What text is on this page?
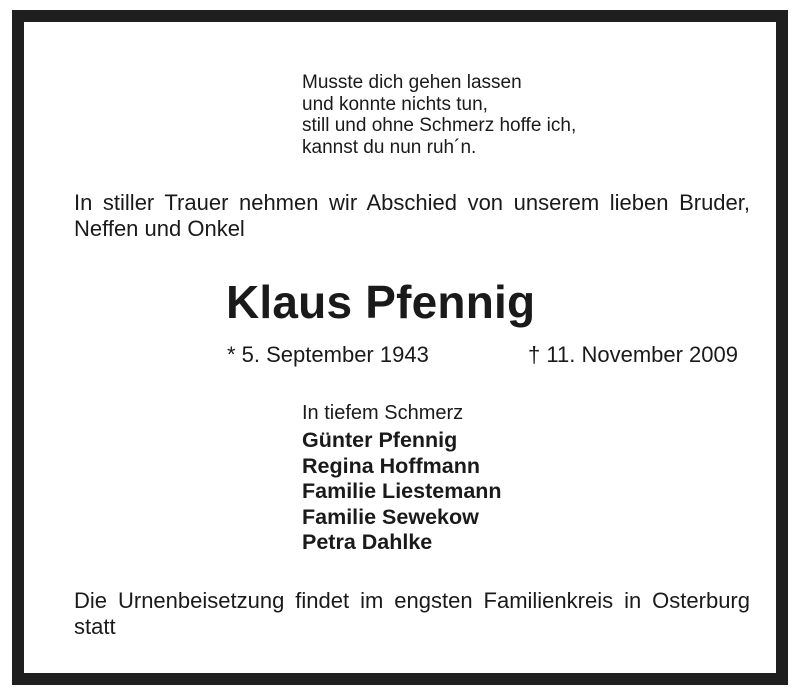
Musste dich gehen lassen
und konnte nichts tun,
still und ohne Schmerz hoffe ich,
kannst du nun ruh´n.
In stiller Trauer nehmen wir Abschied von unserem lieben Bruder, Neffen und Onkel
Klaus Pfennig
* 5. September 1943	† 11. November 2009
In tiefem Schmerz
Günter Pfennig
Regina Hoffmann
Familie Liestemann
Familie Sewekow
Petra Dahlke
Die Urnenbeisetzung findet im engsten Familienkreis in Osterburg statt
